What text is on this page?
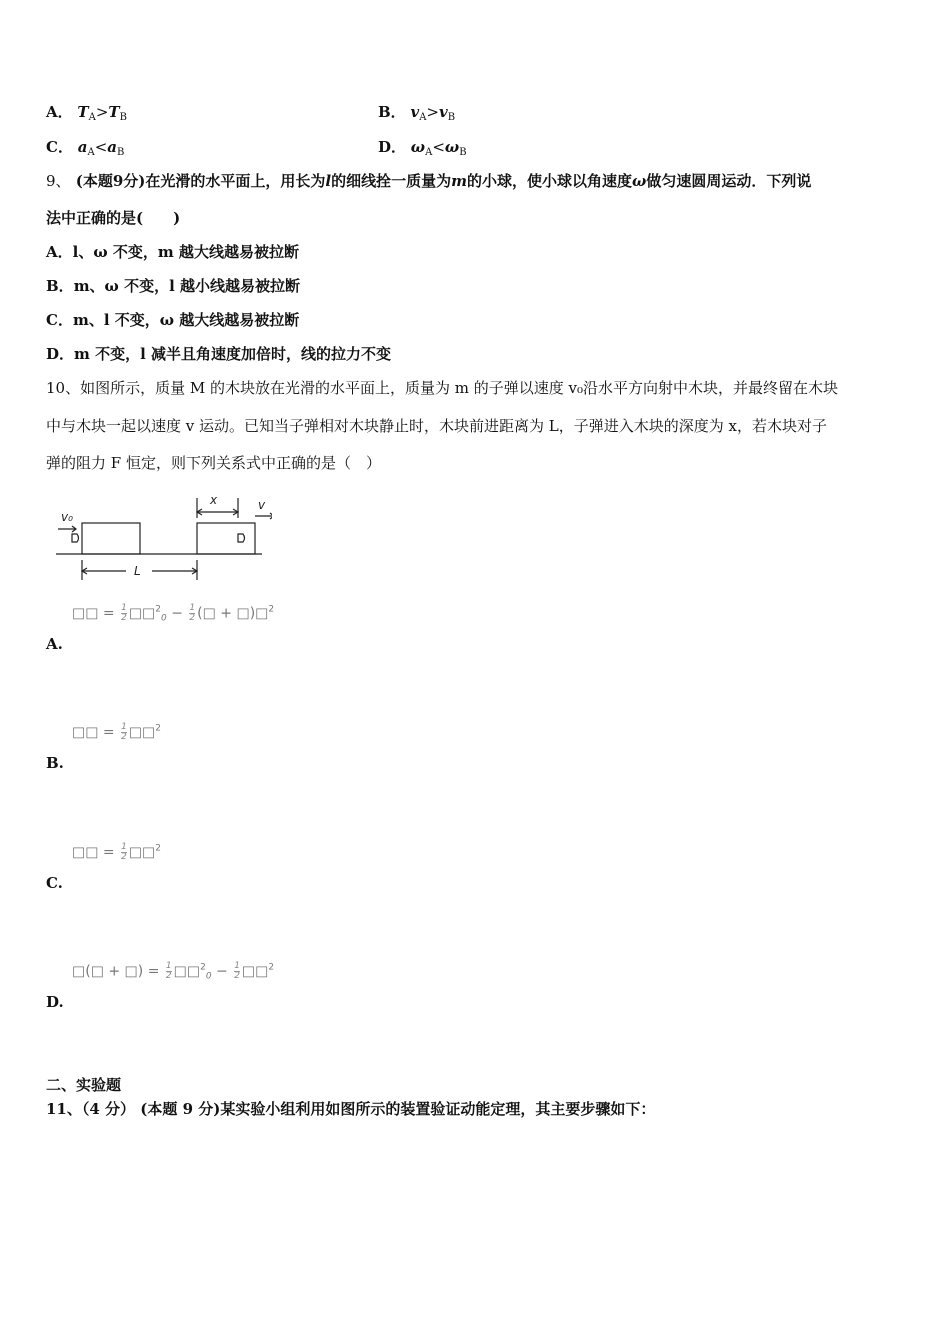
A． $T_A>T_B$	B． $v_A>v_B$
C． $a_A<a_B$	D． $\omega_A<\omega_B$
9、 (本题9分)在光滑的水平面上，用长为l的细线拴一质量为m的小球，使小球以角速度ω做匀速圆周运动．下列说
法中正确的是(　　)
A．l、ω 不变，m 越大线越易被拉断
B．m、ω 不变，l 越小线越易被拉断
C．m、l 不变，ω 越大线越易被拉断
D．m 不变，l 减半且角速度加倍时，线的拉力不变
10、如图所示，质量 M 的木块放在光滑的水平面上，质量为 m 的子弹以速度 v₀沿水平方向射中木块，并最终留在木块
中与木块一起以速度 v 运动。已知当子弹相对木块静止时，木块前进距离为 L，子弹进入木块的深度为 x，若木块对子
弹的阻力 F 恒定，则下列关系式中正确的是（　）
v₀
x	v
L
□□ = $\frac{1}{2}$ □□$^2_0$ − $\frac{1}{2}$ (□ + □)□$^2$
A.
□□ = $\frac{1}{2}$ □□$^2$
B.
□□ = $\frac{1}{2}$ □□$^2$
C.
□(□ + □) = $\frac{1}{2}$ □□$^2_0$ − $\frac{1}{2}$ □□$^2$
D.
二、实验题
11、（4 分） (本题 9 分)某实验小组利用如图所示的装置验证动能定理，其主要步骤如下：
